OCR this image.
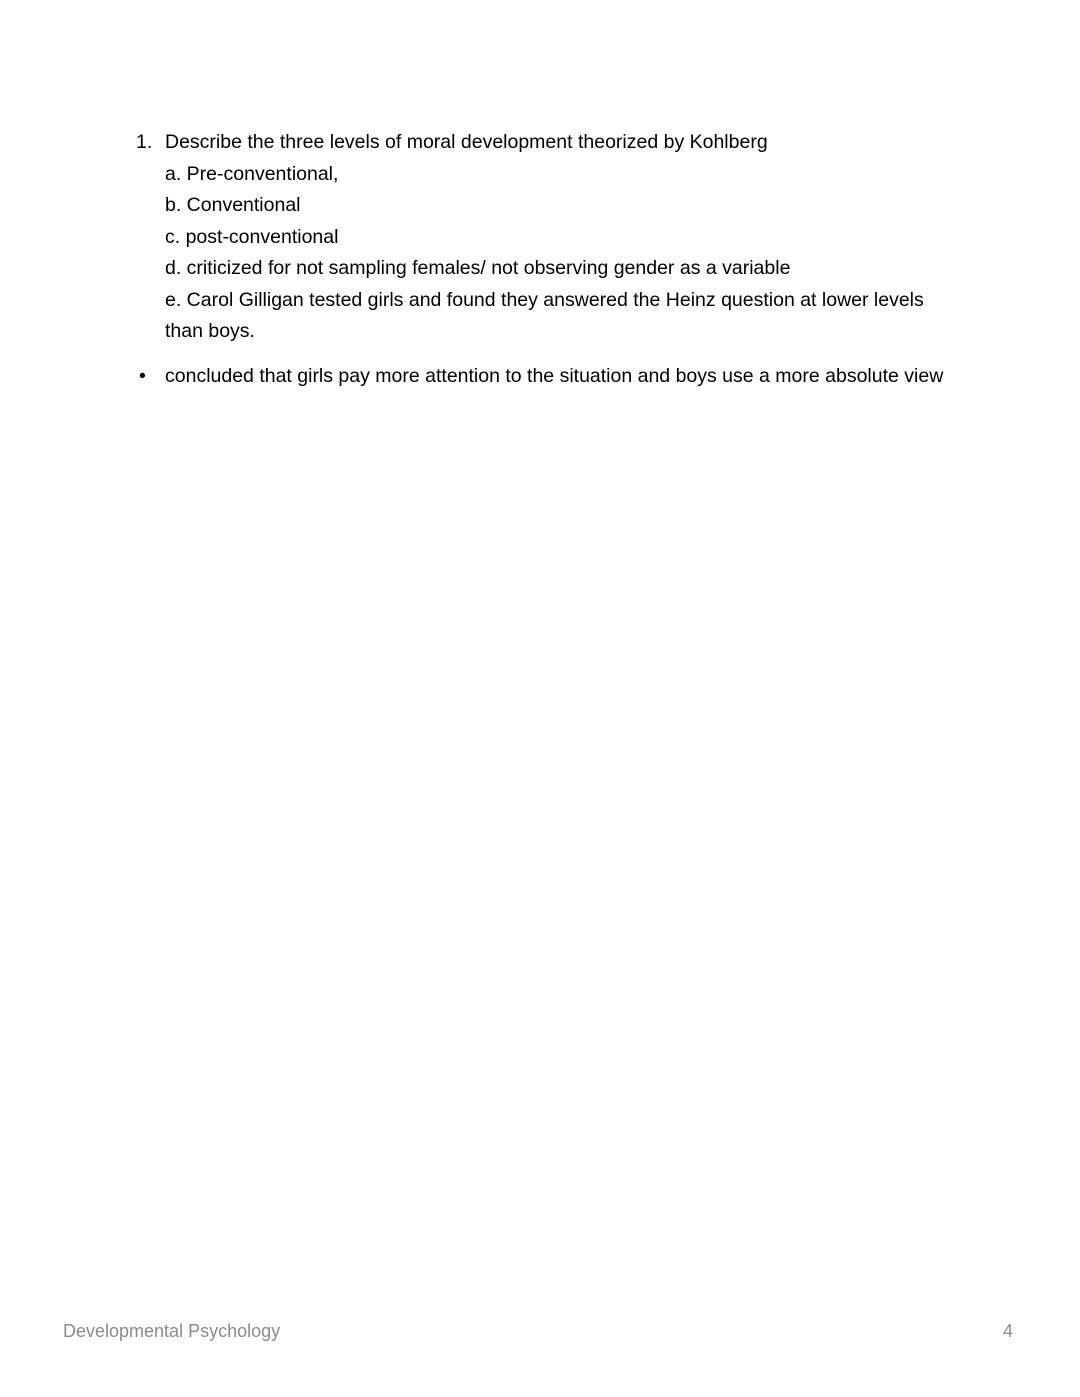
1. Describe the three levels of moral development theorized by Kohlberg
a. Pre-conventional,
b. Conventional
c. post-conventional
d. criticized for not sampling females/ not observing gender as a variable
e. Carol Gilligan tested girls and found they answered the Heinz question at lower levels than boys.
• concluded that girls pay more attention to the situation and boys use a more absolute view
Developmental Psychology	4
